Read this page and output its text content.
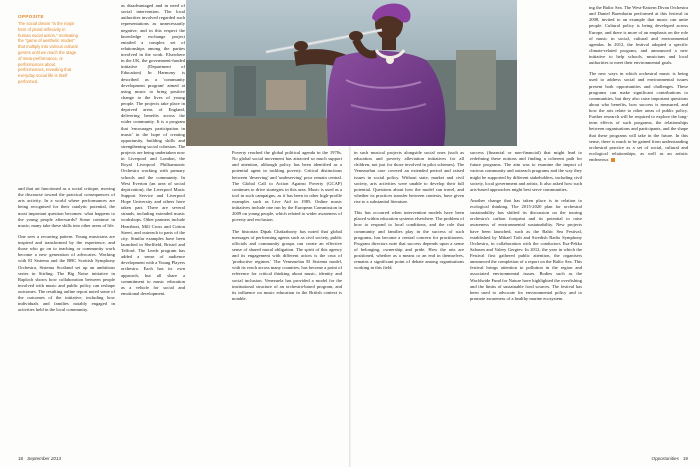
OPPOSITE
The social dream "is the major form of plural reflexivity in human social action," motivating the "game of aesthetic modes" that multiply into various cultural genres until we reach the stage of meta-performance, or performances about performances, revealing that everyday social life is itself performed.

and that art functioned as a social critique, moving the discourse toward the practical consequences of arts activity. In a world where performances are being recognised for their catalytic potential, the most important question becomes: what happens to the young people afterwards? Some continue in music; many take these skills into other areas of life.

One sees a recurring pattern. Young musicians are inspired and transformed by the experience, and those who go on to teaching or community work become a new generation of advocates. Working with El Sistema and the BBC Scottish Symphony Orchestra, Sistema Scotland set up an ambitious series in Stirling. The Big Noise initiative in Raploch shows how collaboration between people involved with music and public policy can reshape outcomes. The resulting online report noted some of the outcomes of the initiative, including how individuals and families notably engaged in activities held in the local community.

as disadvantaged and in need of social intervention. The local authorities involved regarded such representations as unnecessarily negative, and in this respect the knowledge exchange project entailed a complex set of relationships among the parties involved in the work. Elsewhere in the UK, the government-funded initiative (Department of Education) In Harmony is described as a 'community development program' aimed at using music to bring positive change to the lives of young people. The projects take place in deprived areas of England, delivering benefits across the wider community. It is a program that 'encourages participation in music' in the hope of creating opportunity, building skills and strengthening social cohesion. The projects are being undertaken now in Liverpool and London, the Royal Liverpool Philharmonic Orchestra working with primary schools and the community. In West Everton (an area of social deprivation), the Liverpool Music Support Service and Liverpool Hope University and others have taken part. There are several strands, including extended music workshops. Other partners include Heartbeat, Mill Cross and Cotton Street, and outreach to parts of the city. Similar examples have been launched in Sheffield, Bristol and Telford. The Leeds program has added a sense of audience development with a Young Players orchestra. Each has its own approach, but all share a commitment to music education as a vehicle for social and emotional development.

Poverty reached the global political agenda in the 1970s. No global social movement has attracted so much support and attention, although policy has been identified as a potential agent in tackling poverty. Critical distinctions between 'deserving' and 'undeserving' poor remain central. The Global Call to Action Against Poverty (GCAP) continues to drive strategies in this area. Music is used as a tool in such campaigns, as it has been in other high-profile examples such as Live Aid in 1985. Online music initiatives include one run by the European Commission in 2009 on young people, which related to wider awareness of poverty and exclusion.

The historian Dipak Chakraborty has noted that global messages of performing agents such as civil society, public officials and community groups can create an effective sense of shared moral obligation. The spirit of this agency and its engagement with different actors is the crux of 'productive regimes.' The Venezuelan El Sistema model, with its reach across many countries, has become a point of reference for critical thinking about music, identity and social inclusion. Venezuela has provided a model for the institutional structure of an orchestra-based program, and its influence on music education in the British context is notable.

in such musical projects alongside social ones (such as education and poverty alleviation initiatives for all children, not just for those involved in pilot schemes). The Venezuelan case covered an extended period and raised issues in social policy. Without state, market and civil society, arts activities were unable to develop their full potential. Questions about how the model can travel, and whether its practices transfer between contexts, have given rise to a substantial literature.

This has occurred when intervention models have been placed within education systems elsewhere. The problem of how to respond to local conditions, and the role that community and families play in the success of such programs, has become a central concern for practitioners. Program directors note that success depends upon a sense of belonging, ownership and pride. How the arts are positioned, whether as a means or an end in themselves, remains a significant point of debate among organisations working in this field.

success (financial or non-financial) that might lead to redefining these notions and finding a coherent path for future programs. The aim was to examine the impact of various community and outreach programs and the way they might be supported by different stakeholders, including civil society, local government and artists. It also asked how such arts-based approaches might best serve communities.

Another change that has taken place is in relation to ecological thinking. The 2015-2020 plan for orchestral sustainability has shifted its discussion on the touring orchestra's carbon footprint and its potential to raise awareness of environmental sustainability. New projects have been launched, such as the Baltic Sea Festival, established by Mikael Toth and Swedish Radio Symphony Orchestra, in collaboration with the conductors Esa-Pekka Salonen and Valery Gergiev. In 2012, the year in which the Festival first gathered public attention, the organisers announced the completion of a report on the Baltic Sea. This festival brings attention to pollution in the region and associated environmental issues. Bodies such as the Worldwide Fund for Nature have highlighted the overfishing and the limits of sustainable food sources. The festival has been used to advocate for environmental policy and to promote awareness of a healthy marine ecosystem.

ing the Baltic Sea. The West-Eastern Divan Orchestra and Daniel Barenboim performed at this festival in 2008, invited to an example that music can unite people. Cultural policy is being developed across Europe, and there is more of an emphasis on the role of music in social, cultural and environmental agendas. In 2012, the festival adopted a specific climate-related program, and announced a new initiative to help schools, musicians and local authorities to meet their environmental goals.

The new ways in which orchestral music is being used to address social and environmental issues present both opportunities and challenges. These programs can make significant contributions to communities, but they also raise important questions about who benefits, how success is measured, and how the arts relate to other areas of public policy. Further research will be required to explore the long-term effects of such programs, the relationships between organisations and participants, and the shape that these programs will take in the future. In this sense, there is much to be gained from understanding orchestral practice as a set of social, cultural and ecological relationships, as well as an artistic endeavour.

18 September 2013	Opportunities 19
